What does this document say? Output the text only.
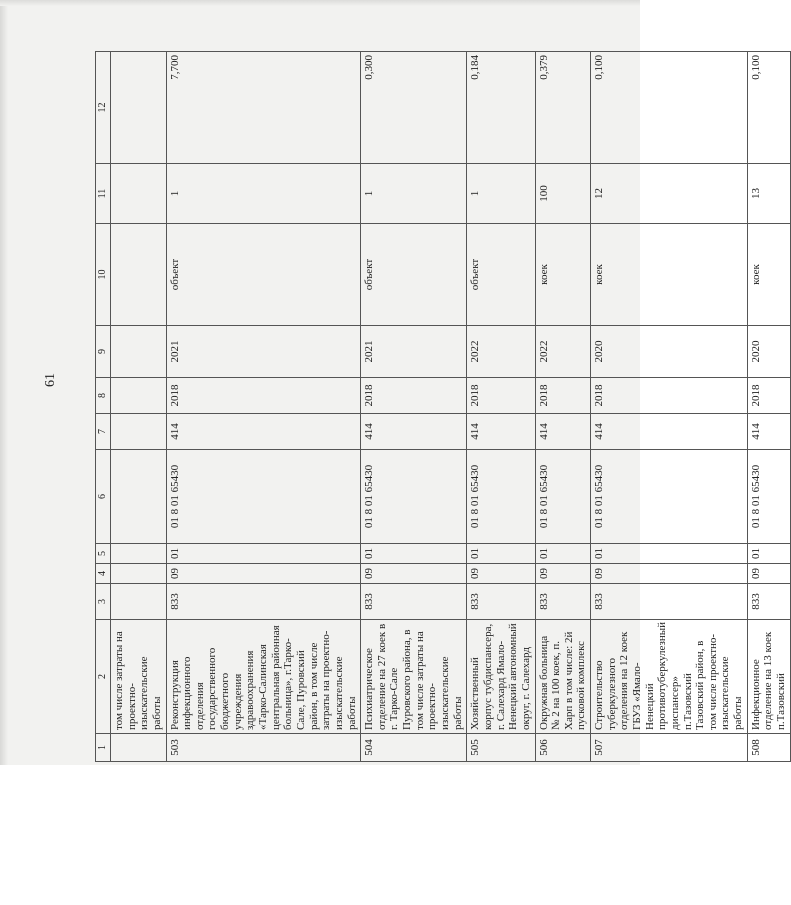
61
1	2	3	4	5	6	7	8	9	10	11	12
	том числе затраты на проектно-изыскательские работы										
503	Реконструкция инфекционного отделения государственного бюджетного учреждения здравоохранения «Тарко-Салинская центральная районная больница», г.Тарко-Сале, Пуровский район, в том числе затраты на проектно-изыскательские работы	833	09	01	01 8 01 65430	414	2018	2021	объект	1	7,700
504	Психиатрическое отделение на 27 коек в г. Тарко-Сале Пуровского района, в том числе затраты на проектно-изыскательские работы	833	09	01	01 8 01 65430	414	2018	2021	объект	1	0,300
505	Хозяйственный корпус тубдиспансера, г. Салехард Ямало-Ненецкий автономный округ, г. Салехард	833	09	01	01 8 01 65430	414	2018	2022	объект	1	0,184
506	Окружная больница № 2 на 100 коек, п. Харп в том числе: 2й пусковой комплекс	833	09	01	01 8 01 65430	414	2018	2022	коек	100	0,379
507	Строительство туберкулезного отделения на 12 коек ГБУЗ «Ямало-Ненецкий противотуберкулезный диспансер» п.Тазовский Тазовский район, в том числе проектно-изыскательские работы	833	09	01	01 8 01 65430	414	2018	2020	коек	12	0,100
508	Инфекционное отделение на 13 коек п.Тазовский	833	09	01	01 8 01 65430	414	2018	2020	коек	13	0,100
